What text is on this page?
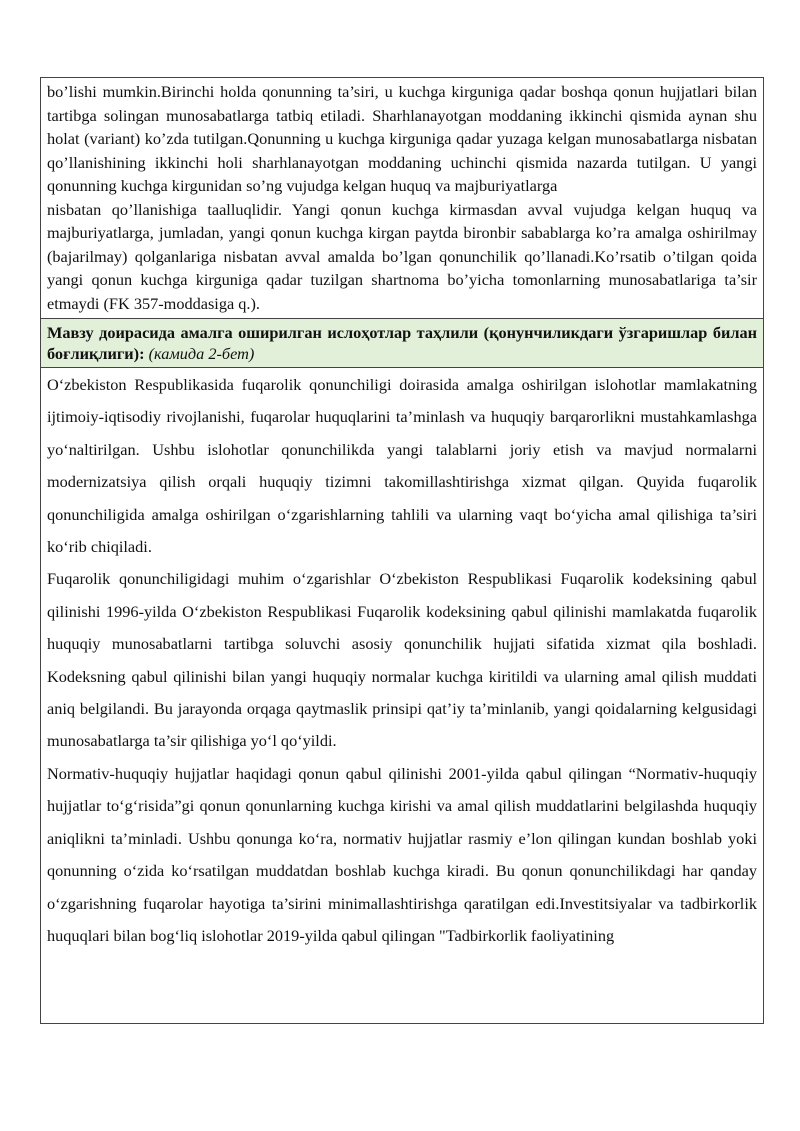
bo’lishi mumkin.Birinchi holda qonunning ta’siri, u kuchga kirguniga qadar boshqa qonun hujjatlari bilan tartibga solingan munosabatlarga tatbiq etiladi. Sharhlanayotgan moddaning ikkinchi qismida aynan shu holat (variant) ko’zda tutilgan.Qonunning u kuchga kirguniga qadar yuzaga kelgan munosabatlarga nisbatan qo’llanishining ikkinchi holi sharhlanayotgan moddaning uchinchi qismida nazarda tutilgan. U yangi qonunning kuchga kirgunidan so’ng vujudga kelgan huquq va majburiyatlarga

nisbatan qo’llanishiga taalluqlidir. Yangi qonun kuchga kirmasdan avval vujudga kelgan huquq va majburiyatlarga, jumladan, yangi qonun kuchga kirgan paytda bironbir sabablarga ko’ra amalga oshirilmay (bajarilmay) qolganlariga nisbatan avval amalda bo’lgan qonunchilik qo’llanadi.Ko’rsatib o’tilgan qoida yangi qonun kuchga kirguniga qadar tuzilgan shartnoma bo’yicha tomonlarning munosabatlariga ta’sir etmaydi (FK 357-moddasiga q.).

Мавзу доирасида амалга оширилган ислоҳотлар таҳлили (қонунчиликдаги ўзгаришлар билан боғлиқлиги): (камида 2-бет)

O‘zbekiston Respublikasida fuqarolik qonunchiligi doirasida amalga oshirilgan islohotlar mamlakatning ijtimoiy-iqtisodiy rivojlanishi, fuqarolar huquqlarini ta’minlash va huquqiy barqarorlikni mustahkamlashga yo‘naltirilgan. Ushbu islohotlar qonunchilikda yangi talablarni joriy etish va mavjud normalarni modernizatsiya qilish orqali huquqiy tizimni takomillashtirishga xizmat qilgan. Quyida fuqarolik qonunchiligida amalga oshirilgan o‘zgarishlarning tahlili va ularning vaqt bo‘yicha amal qilishiga ta’siri ko‘rib chiqiladi.

Fuqarolik qonunchiligidagi muhim o‘zgarishlar O‘zbekiston Respublikasi Fuqarolik kodeksining qabul qilinishi 1996-yilda O‘zbekiston Respublikasi Fuqarolik kodeksining qabul qilinishi mamlakatda fuqarolik huquqiy munosabatlarni tartibga soluvchi asosiy qonunchilik hujjati sifatida xizmat qila boshladi. Kodeksning qabul qilinishi bilan yangi huquqiy normalar kuchga kiritildi va ularning amal qilish muddati aniq belgilandi. Bu jarayonda orqaga qaytmaslik prinsipi qat’iy ta’minlanib, yangi qoidalarning kelgusidagi munosabatlarga ta’sir qilishiga yo‘l qo‘yildi.

Normativ-huquqiy hujjatlar haqidagi qonun qabul qilinishi 2001-yilda qabul qilingan “Normativ-huquqiy hujjatlar to‘g‘risida”gi qonun qonunlarning kuchga kirishi va amal qilish muddatlarini belgilashda huquqiy aniqlikni ta’minladi. Ushbu qonunga ko‘ra, normativ hujjatlar rasmiy e’lon qilingan kundan boshlab yoki qonunning o‘zida ko‘rsatilgan muddatdan boshlab kuchga kiradi. Bu qonun qonunchilikdagi har qanday o‘zgarishning fuqarolar hayotiga ta’sirini minimallashtirishga qaratilgan edi.Investitsiyalar va tadbirkorlik huquqlari bilan bog‘liq islohotlar 2019-yilda qabul qilingan "Tadbirkorlik faoliyatining
